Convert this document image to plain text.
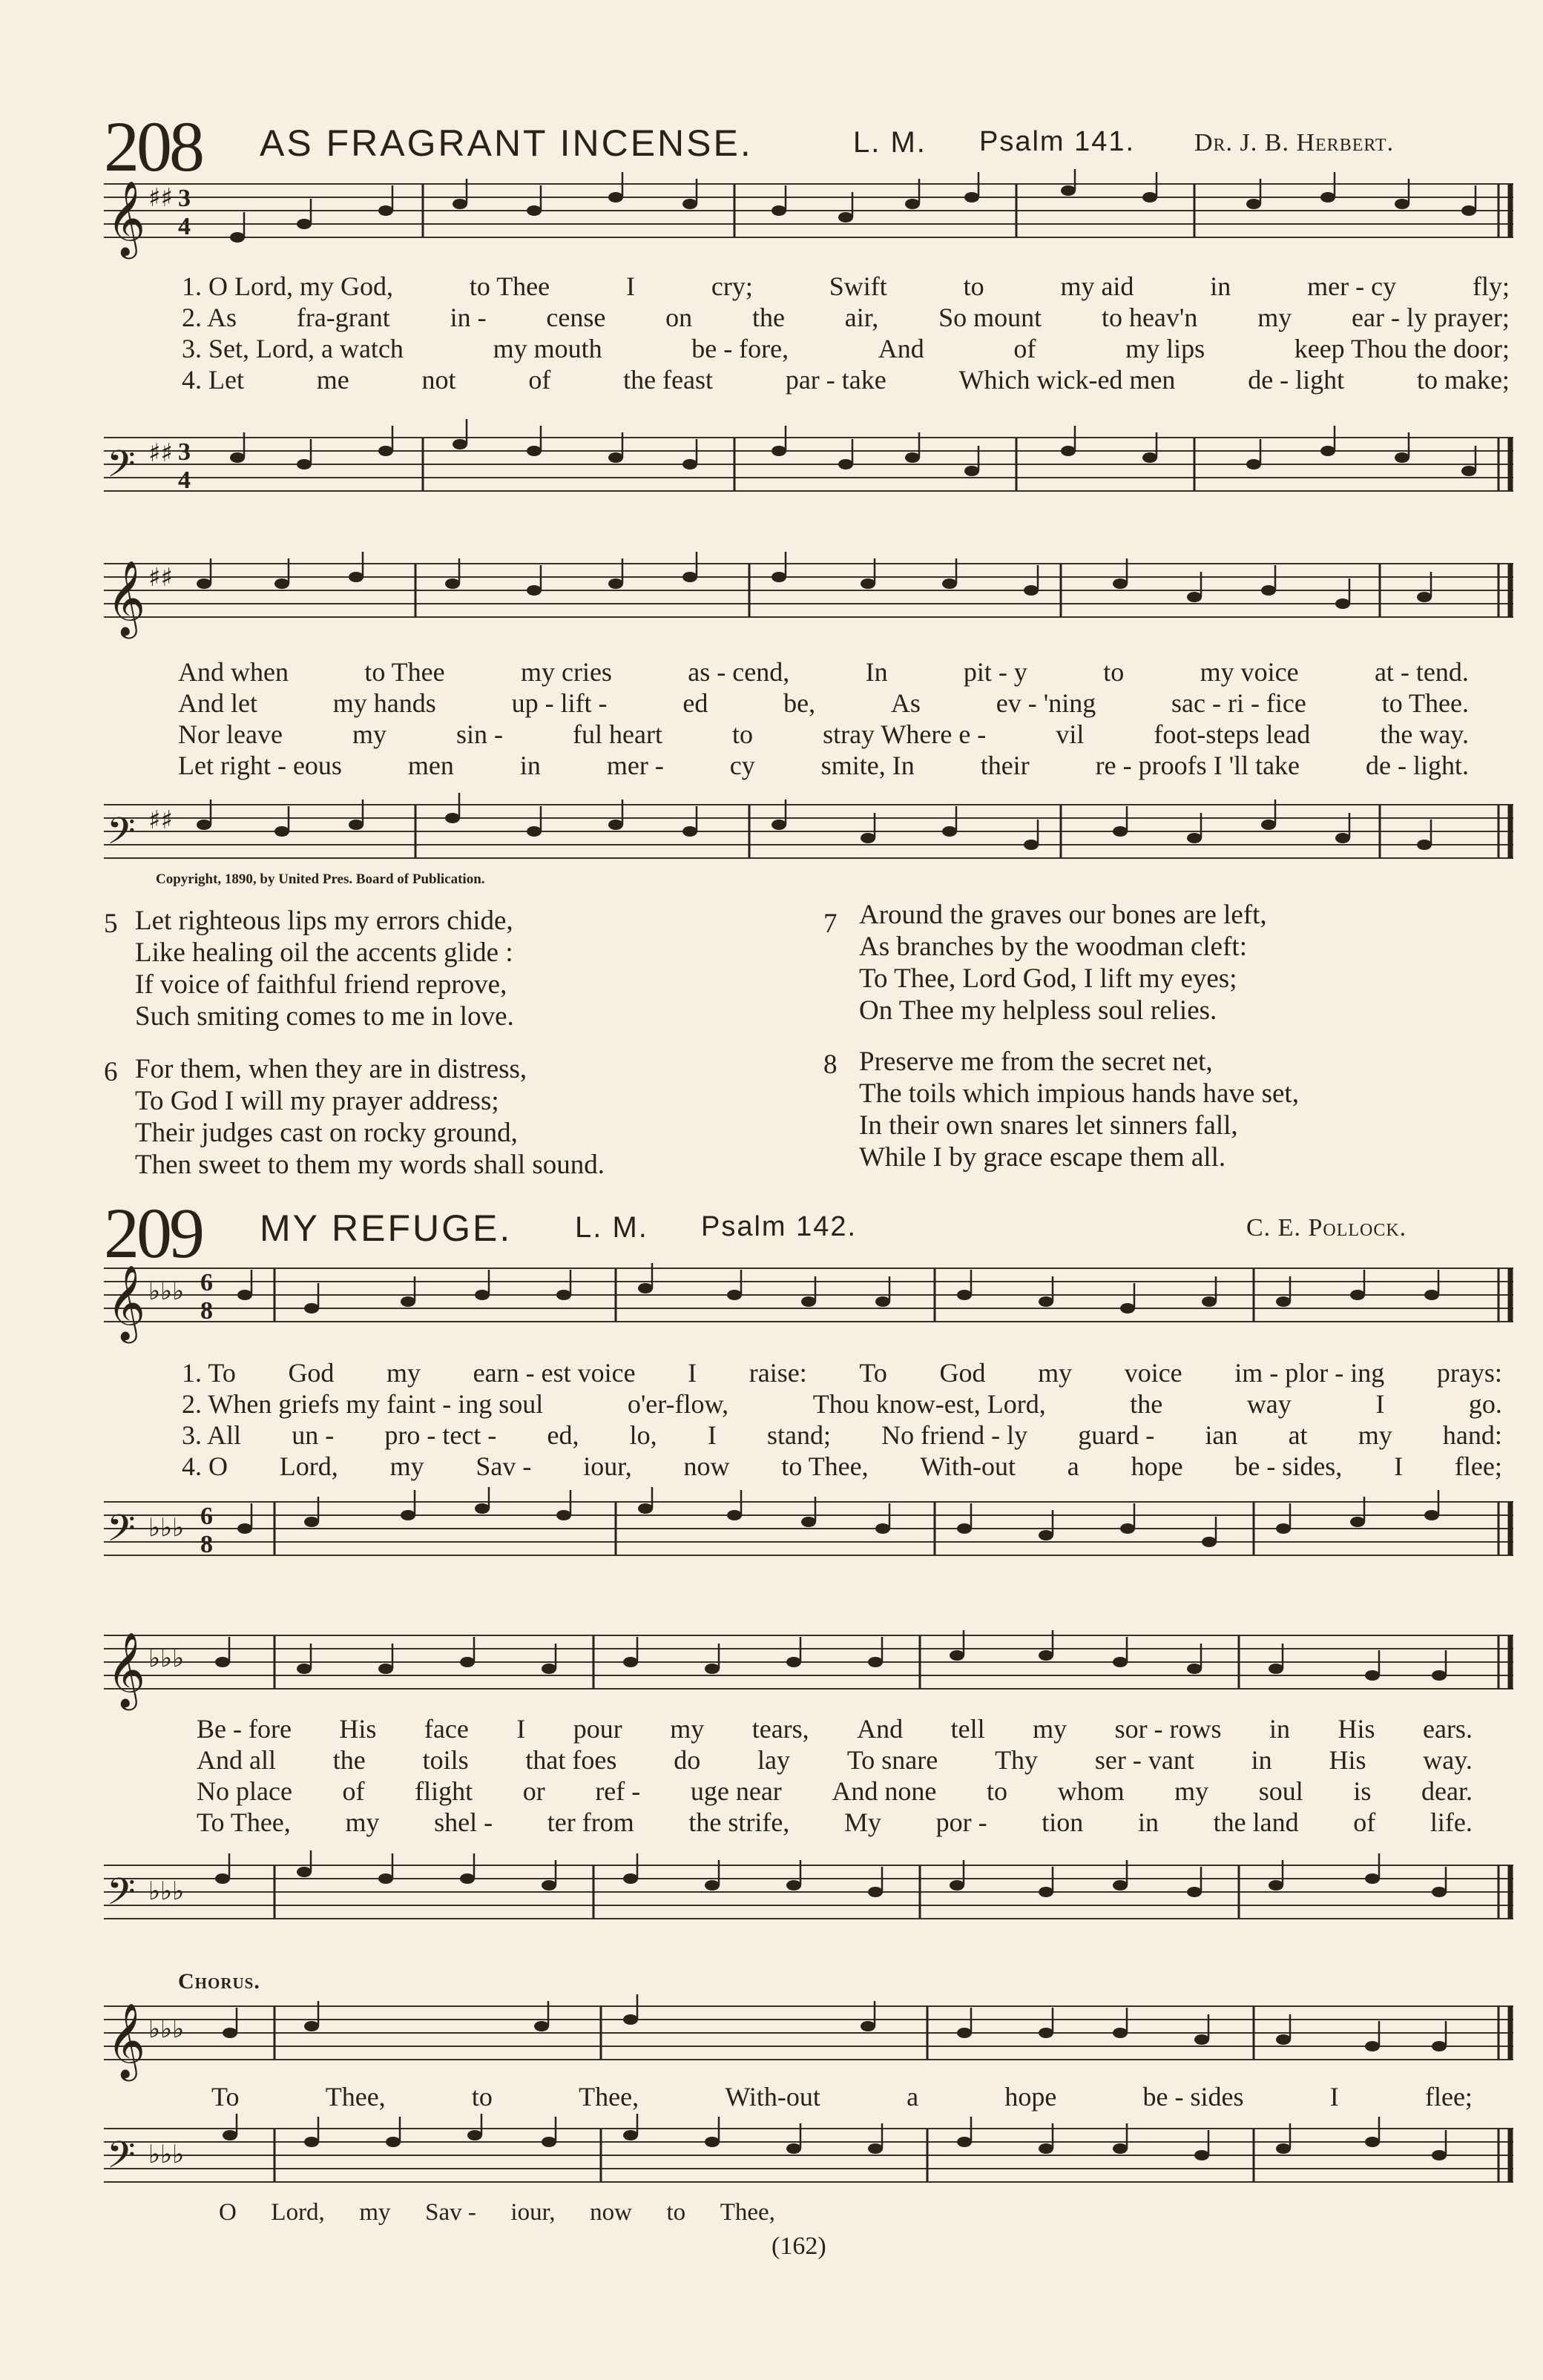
208 AS FRAGRANT INCENSE.	L. M. Psalm 141. Dr. J. B. Herbert.
𝄞 ♯♯ 3
4
1. O Lord, my God,	to Thee	I	cry;	Swift	to	my aid	in	mer - cy	fly;
2. As fra-grant in - cense on the air, So mount to heav'n my ear - ly prayer;
3. Set, Lord, a watch	my mouth	be - fore,	And	of	my lips	keep Thou the door;
4. Let	me	not	of	the feast	par - take	Which wick-ed men	de - light	to make;
𝄢 ♯♯ 3
4
𝄞 ♯♯
And when	to Thee	my cries	as - cend,	In	pit - y	to	my voice	at - tend.
And let	my hands	up - lift -	ed	be,	As	ev - 'ning	sac - ri - fice	to Thee.
Nor leave	my	sin -	ful heart	to	stray Where e -	vil	foot-steps lead	the way.
Let right - eous men in mer - cy smite, In their re - proofs I 'll take de - light.
𝄢 ♯♯
Copyright, 1890, by United Pres. Board of Publication.
5 Let righteous lips my errors chide,
Like healing oil the accents glide :
If voice of faithful friend reprove,
Such smiting comes to me in love.
6 For them, when they are in distress,
To God I will my prayer address;
Their judges cast on rocky ground,
Then sweet to them my words shall sound.
7 Around the graves our bones are left,
As branches by the woodman cleft:
To Thee, Lord God, I lift my eyes;
On Thee my helpless soul relies.
8 Preserve me from the secret net,
The toils which impious hands have set,
In their own snares let sinners fall,
While I by grace escape them all.
209 MY REFUGE. L. M. Psalm 142.	C. E. Pollock.
𝄞 ♭♭♭ 6
8
1. To God my earn - est voice I raise: To God my voice im - plor - ing prays:
2. When griefs my faint - ing soul	o'er-flow,	Thou know-est, Lord,	the	way	I	go.
3. All un - pro - tect - ed, lo, I stand; No friend - ly guard - ian at my hand:
4. O Lord, my Sav - iour, now to Thee, With-out a hope be - sides, I flee;
𝄢 ♭♭♭ 6
8
𝄞 ♭♭♭
Be - fore His face I pour my tears, And tell my sor - rows in His ears.
And all the toils that foes do lay To snare Thy ser - vant in His way.
No place of flight or ref - uge near And none to whom my soul is dear.
To Thee, my shel - ter from the strife, My por - tion in the land of life.
𝄢 ♭♭♭
Chorus.
𝄞 ♭♭♭
To	Thee,	to	Thee,	With-out	a	hope	be - sides	I	flee;
𝄢 ♭♭♭
O Lord, my Sav - iour, now to Thee,
(162)
